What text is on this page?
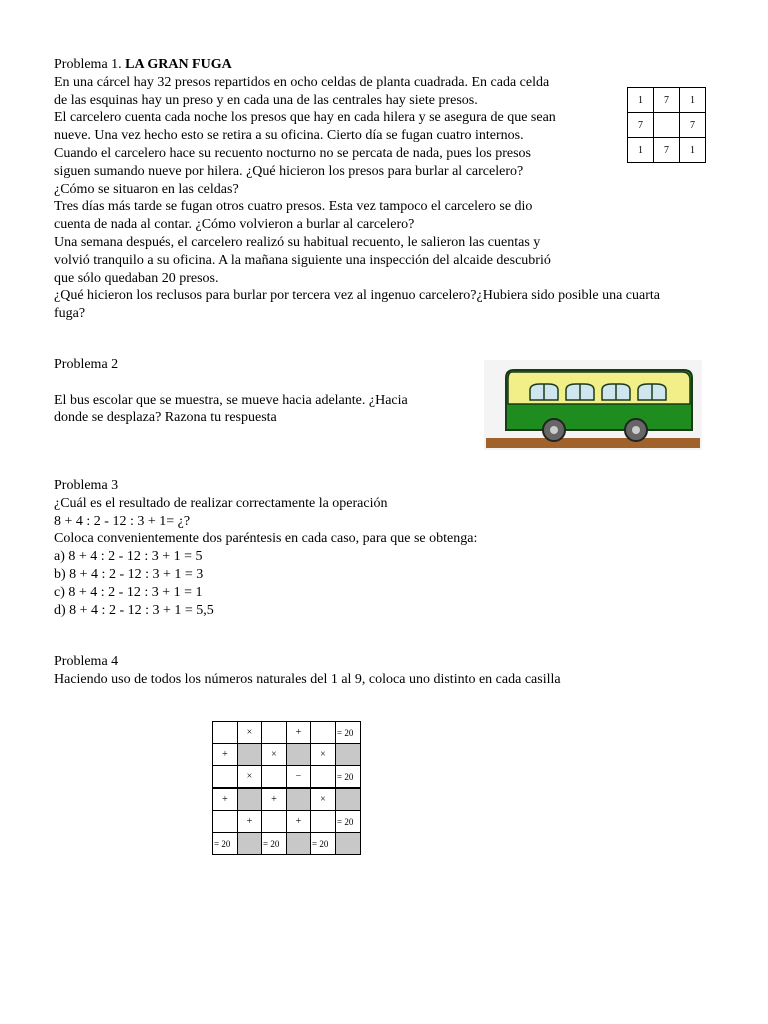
Problema 1. LA GRAN FUGA

En una cárcel hay 32 presos repartidos en ocho celdas de planta cuadrada. En cada celda

de las esquinas hay un preso y en cada una de las centrales hay siete presos.

El carcelero cuenta cada noche los presos que hay en cada hilera y se asegura de que sean

nueve. Una vez hecho esto se retira a su oficina. Cierto día se fugan cuatro internos.

Cuando el carcelero hace su recuento nocturno no se percata de nada, pues los presos

siguen sumando nueve por hilera. ¿Qué hicieron los presos para burlar al carcelero?

¿Cómo se situaron en las celdas?

Tres días más tarde se fugan otros cuatro presos. Esta vez tampoco el carcelero se dio

cuenta de nada al contar. ¿Cómo volvieron a burlar al carcelero?

Una semana después, el carcelero realizó su habitual recuento, le salieron las cuentas y

volvió tranquilo a su oficina. A la mañana siguiente una inspección del alcaide descubrió

que sólo quedaban 20 presos.

¿Qué hicieron los reclusos para burlar por tercera vez al ingenuo carcelero?¿Hubiera sido posible una cuarta

fuga?

1	7	1
7		7
1	7	1

Problema 2

El bus escolar que se muestra, se mueve hacia adelante. ¿Hacia

donde se desplaza? Razona tu respuesta

Problema 3

¿Cuál es el resultado de realizar correctamente la operación

8 + 4 : 2 - 12 : 3 + 1= ¿?

Coloca convenientemente dos paréntesis en cada caso, para que se obtenga:

a) 8 + 4 : 2 - 12 : 3 + 1 = 5

b) 8 + 4 : 2 - 12 : 3 + 1 = 3

c) 8 + 4 : 2 - 12 : 3 + 1 = 1

d) 8 + 4 : 2 - 12 : 3 + 1 = 5,5

Problema 4

Haciendo uso de todos los números naturales del 1 al 9, coloca uno distinto en cada casilla

	×		+		= 20
+		×		×	
	×		−		= 20
+		+		×	
	+		+		= 20
= 20		= 20		= 20	
